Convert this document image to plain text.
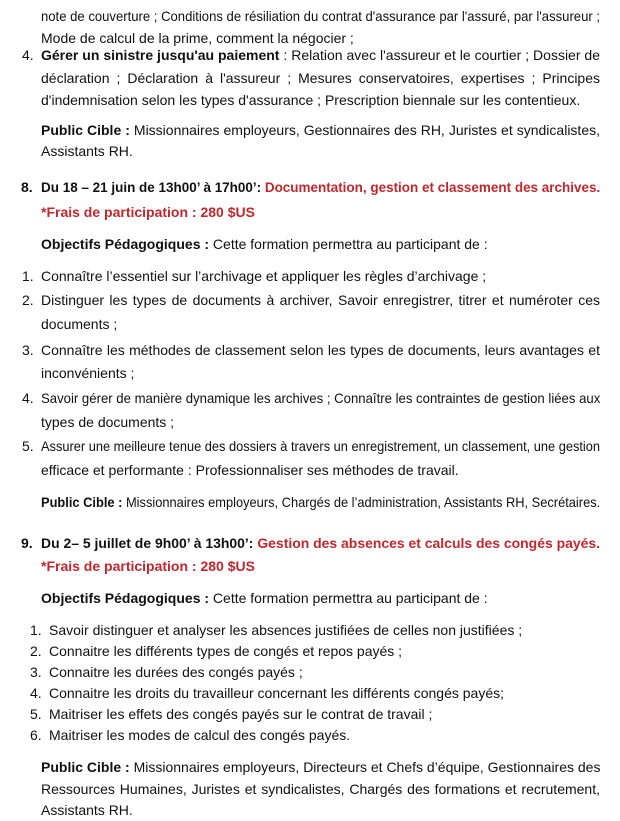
note de couverture ; Conditions de résiliation du contrat d'assurance par l'assuré, par l'assureur ;
Mode de calcul de la prime, comment la négocier ;
4. Gérer un sinistre jusqu'au paiement : Relation avec l'assureur et le courtier ; Dossier de
déclaration ; Déclaration à l'assureur ; Mesures conservatoires, expertises ; Principes
d'indemnisation selon les types d'assurance ; Prescription biennale sur les contentieux.
Public Cible : Missionnaires employeurs, Gestionnaires des RH, Juristes et syndicalistes,
Assistants RH.
8. Du 18 – 21 juin de 13h00’ à 17h00’: Documentation, gestion et classement des archives.
*Frais de participation : 280 $US
Objectifs Pédagogiques : Cette formation permettra au participant de :
1. Connaître l’essentiel sur l’archivage et appliquer les règles d’archivage ;
2. Distinguer les types de documents à archiver, Savoir enregistrer, titrer et numéroter ces
documents ;
3. Connaître les méthodes de classement selon les types de documents, leurs avantages et
inconvénients ;
4. Savoir gérer de manière dynamique les archives ; Connaître les contraintes de gestion liées aux
types de documents ;
5. Assurer une meilleure tenue des dossiers à travers un enregistrement, un classement, une gestion
efficace et performante : Professionnaliser ses méthodes de travail.
Public Cible : Missionnaires employeurs, Chargés de l’administration, Assistants RH, Secrétaires.
9. Du 2– 5 juillet de 9h00’ à 13h00’: Gestion des absences et calculs des congés payés.
*Frais de participation : 280 $US
Objectifs Pédagogiques : Cette formation permettra au participant de :
1. Savoir distinguer et analyser les absences justifiées de celles non justifiées ;
2. Connaitre les différents types de congés et repos payés ;
3. Connaitre les durées des congés payés ;
4. Connaitre les droits du travailleur concernant les différents congés payés;
5. Maitriser les effets des congés payés sur le contrat de travail ;
6. Maitriser les modes de calcul des congés payés.
Public Cible : Missionnaires employeurs, Directeurs et Chefs d’équipe, Gestionnaires des
Ressources Humaines, Juristes et syndicalistes, Chargés des formations et recrutement,
Assistants RH.
